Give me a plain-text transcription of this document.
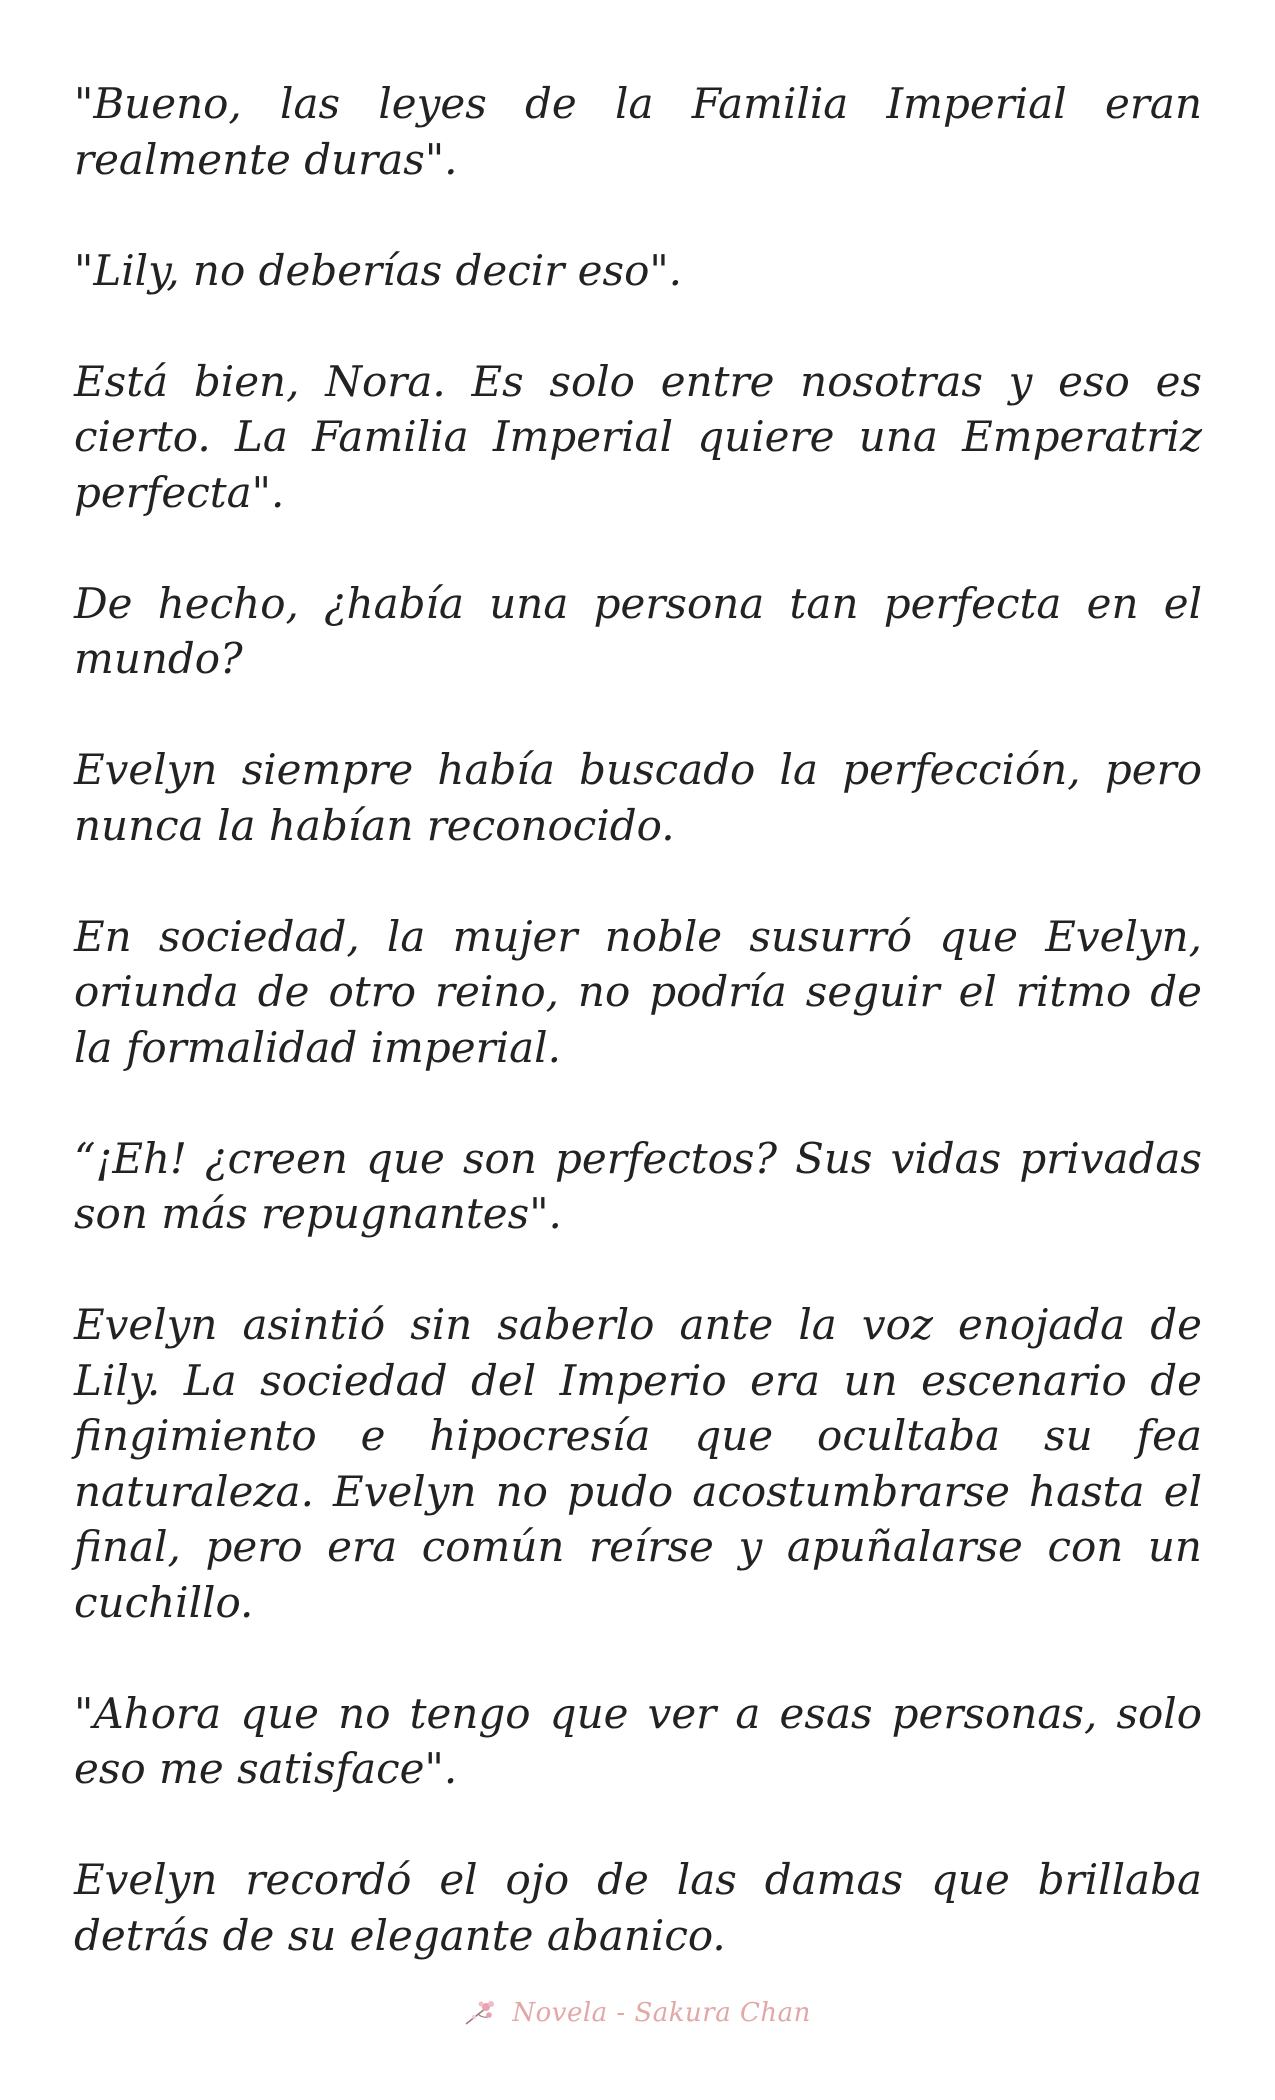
"Bueno, las leyes de la Familia Imperial eran realmente duras".

"Lily, no deberías decir eso".

Está bien, Nora. Es solo entre nosotras y eso es cierto. La Familia Imperial quiere una Emperatriz perfecta".

De hecho, ¿había una persona tan perfecta en el mundo?

Evelyn siempre había buscado la perfección, pero nunca la habían reconocido.

En sociedad, la mujer noble susurró que Evelyn, oriunda de otro reino, no podría seguir el ritmo de la formalidad imperial.

“¡Eh! ¿creen que son perfectos? Sus vidas privadas son más repugnantes".

Evelyn asintió sin saberlo ante la voz enojada de Lily. La sociedad del Imperio era un escenario de fingimiento e hipocresía que ocultaba su fea naturaleza. Evelyn no pudo acostumbrarse hasta el final, pero era común reírse y apuñalarse con un cuchillo.

"Ahora que no tengo que ver a esas personas, solo eso me satisface".

Evelyn recordó el ojo de las damas que brillaba detrás de su elegante abanico.

Novela - Sakura Chan
